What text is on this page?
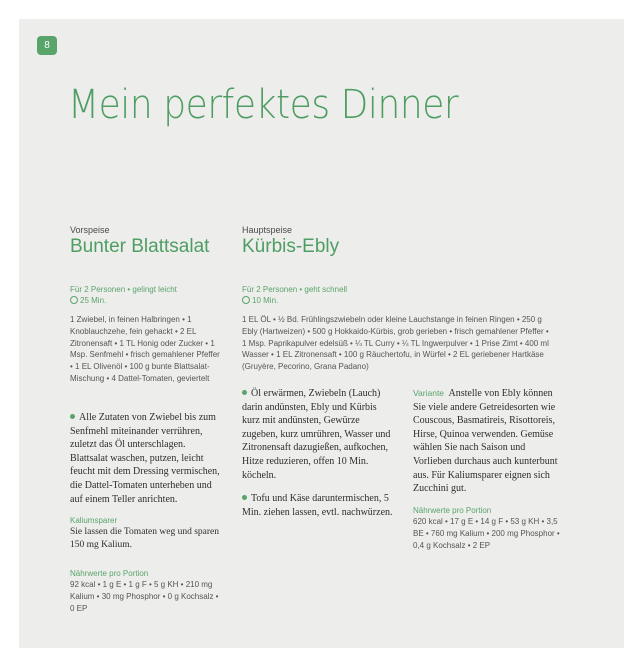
8
Mein perfektes Dinner
Vorspeise
Bunter Blattsalat
Für 2 Personen • gelingt leicht
25 Min.
1 Zwiebel, in feinen Halbringen • 1 Knoblauchzehe, fein gehackt • 2 EL Zitronensaft • 1 TL Honig oder Zucker • 1 Msp. Senfmehl • frisch gemahlener Pfeffer • 1 EL Olivenöl • 100 g bunte Blattsalat-Mischung • 4 Dattel-Tomaten, geviertelt
Alle Zutaten von Zwiebel bis zum Senfmehl miteinander verrühren, zuletzt das Öl unterschlagen. Blattsalat waschen, putzen, leicht feucht mit dem Dressing vermischen, die Dattel-Tomaten unterheben und auf einem Teller anrichten.
Kaliumsparer
Sie lassen die Tomaten weg und sparen 150 mg Kalium.
Nährwerte pro Portion
92 kcal • 1 g E • 1 g F • 5 g KH • 210 mg Kalium • 30 mg Phosphor • 0 g Kochsalz • 0 EP
Hauptspeise
Kürbis-Ebly
Für 2 Personen • geht schnell
10 Min.
1 EL ÖL • ½ Bd. Frühlingszwiebeln oder kleine Lauchstange in feinen Ringen • 250 g Ebly (Hartweizen) • 500 g Hokkaido-Kürbis, grob gerieben • frisch gemahlener Pfeffer • 1 Msp. Paprikapulver edelsüß • ¼ TL Curry • ¼ TL Ingwerpulver • 1 Prise Zimt • 400 ml Wasser • 1 EL Zitronensaft • 100 g Räuchertofu, in Würfel • 2 EL geriebener Hartkäse (Gruyère, Pecorino, Grana Padano)
Öl erwärmen, Zwiebeln (Lauch) darin andünsten, Ebly und Kürbis kurz mit andünsten, Gewürze zugeben, kurz umrühren, Wasser und Zitronensaft dazugießen, aufkochen, Hitze reduzieren, offen 10 Min. köcheln.
Tofu und Käse daruntermischen, 5 Min. ziehen lassen, evtl. nachwürzen.
Variante Anstelle von Ebly können Sie viele andere Getreidesorten wie Couscous, Basmatireis, Risottoreis, Hirse, Quinoa verwenden. Gemüse wählen Sie nach Saison und Vorlieben durchaus auch kunterbunt aus. Für Kaliumsparer eignen sich Zucchini gut.
Nährwerte pro Portion
620 kcal • 17 g E • 14 g F • 53 g KH • 3,5 BE • 760 mg Kalium • 200 mg Phosphor • 0,4 g Kochsalz • 2 EP
